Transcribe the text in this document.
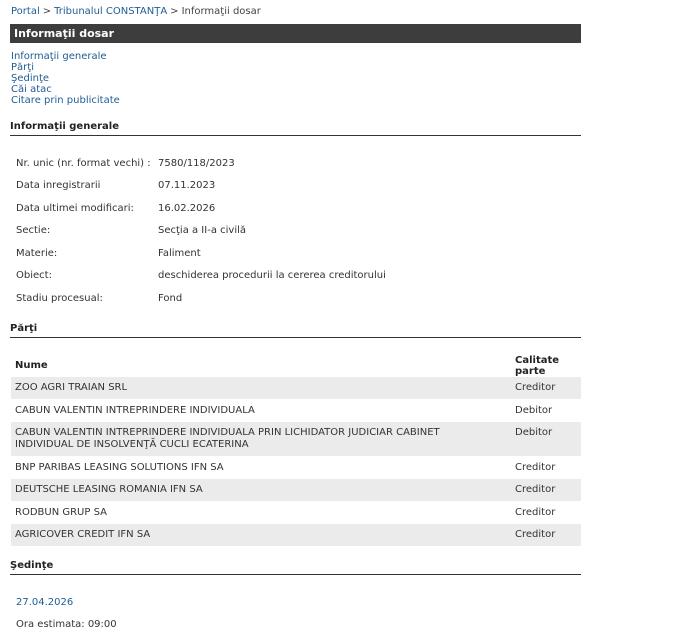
Portal > Tribunalul CONSTANŢA > Informaţii dosar
Informaţii dosar
Informaţii generale
Părţi
Şedinţe
Căi atac
Citare prin publicitate
Informaţii generale
Nr. unic (nr. format vechi) : 7580/118/2023
Data inregistrarii	07.11.2023
Data ultimei modificari: 16.02.2026
Sectie:	Secţia a II-a civilă
Materie:	Faliment
Obiect:	deschiderea procedurii la cererea creditorului
Stadiu procesual:	Fond
Părţi
Nume	Calitate parte
ZOO AGRI TRAIAN SRL	Creditor
CABUN VALENTIN INTREPRINDERE INDIVIDUALA	Debitor
CABUN VALENTIN INTREPRINDERE INDIVIDUALA PRIN LICHIDATOR JUDICIAR CABINET INDIVIDUAL DE INSOLVENŢĂ CUCLI ECATERINA	Debitor
BNP PARIBAS LEASING SOLUTIONS IFN SA	Creditor
DEUTSCHE LEASING ROMANIA IFN SA	Creditor
RODBUN GRUP SA	Creditor
AGRICOVER CREDIT IFN SA	Creditor
Şedinţe
27.04.2026
Ora estimata: 09:00
